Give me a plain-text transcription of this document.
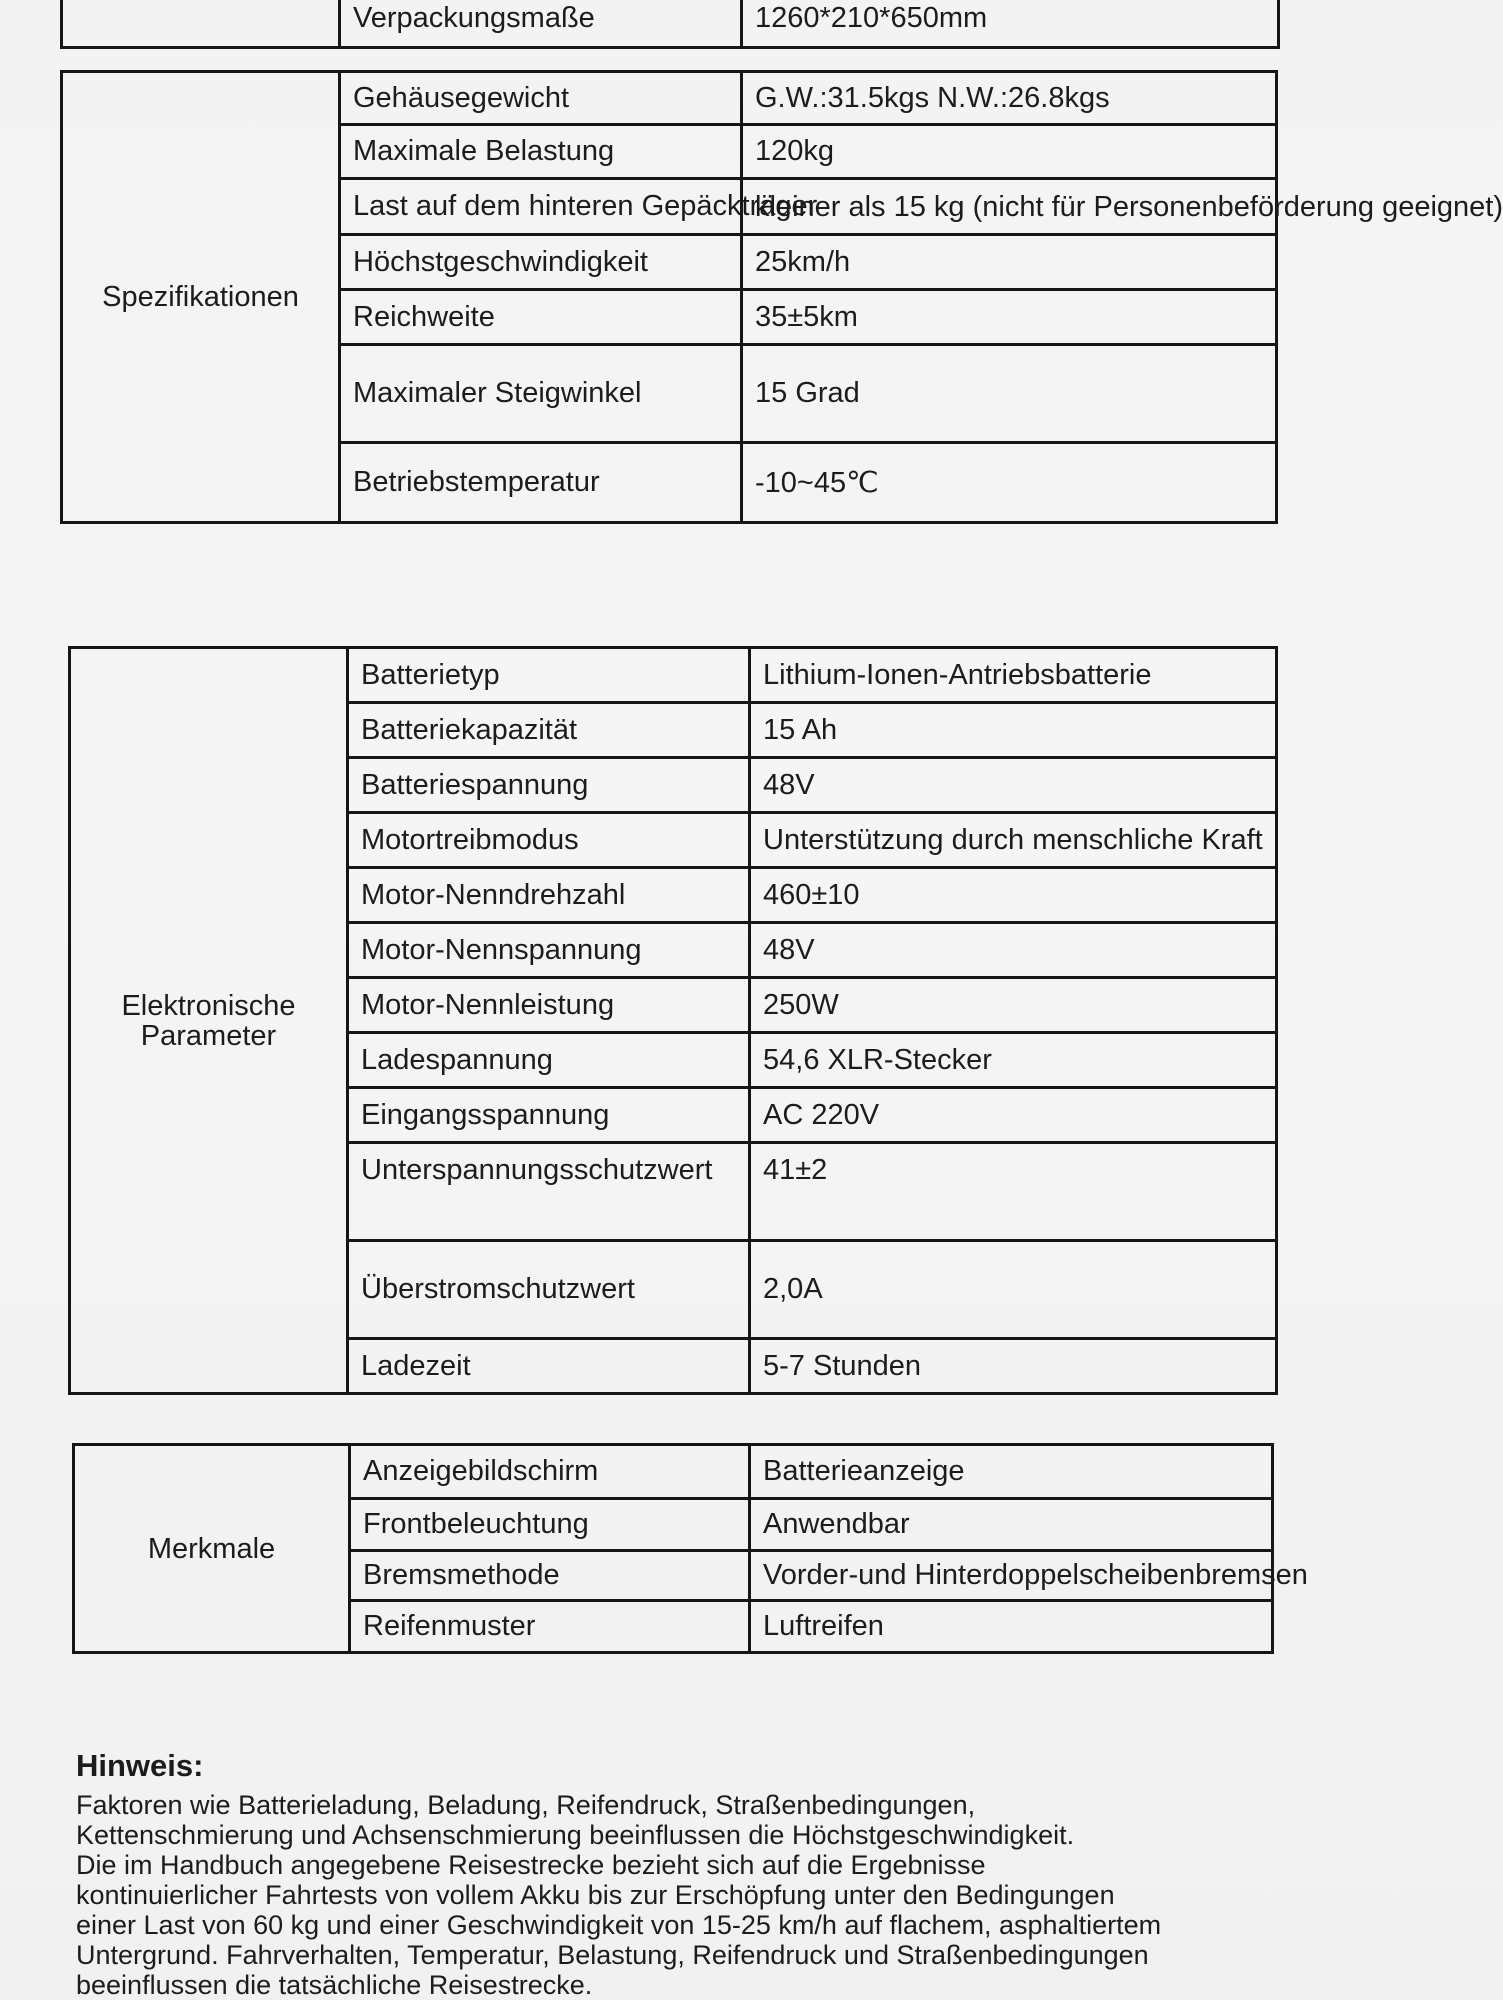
	Verpackungsmaße	1260*210*650mm
Spezifikationen	Gehäusegewicht	G.W.:31.5kgs N.W.:26.8kgs
	Maximale Belastung	120kg
	Last auf dem hinteren Gepäckträger	kleiner als 15 kg (nicht für Personenbeförderung geeignet)
	Höchstgeschwindigkeit	25km/h
	Reichweite	35±5km
	Maximaler Steigwinkel	15 Grad
	Betriebstemperatur	-10~45℃
Elektronische Parameter	Batterietyp	Lithium-Ionen-Antriebsbatterie
	Batteriekapazität	15 Ah
	Batteriespannung	48V
	Motortreibmodus	Unterstützung durch menschliche Kraft
	Motor-Nenndrehzahl	460±10
	Motor-Nennspannung	48V
	Motor-Nennleistung	250W
	Ladespannung	54,6 XLR-Stecker
	Eingangsspannung	AC 220V
	Unterspannungsschutzwert	41±2
	Überstromschutzwert	2,0A
	Ladezeit	5-7 Stunden
Merkmale	Anzeigebildschirm	Batterieanzeige
	Frontbeleuchtung	Anwendbar
	Bremsmethode	Vorder-und Hinterdoppelscheibenbremsen
	Reifenmuster	Luftreifen
Hinweis:
Faktoren wie Batterieladung, Beladung, Reifendruck, Straßenbedingungen,
Kettenschmierung und Achsenschmierung beeinflussen die Höchstgeschwindigkeit.
Die im Handbuch angegebene Reisestrecke bezieht sich auf die Ergebnisse
kontinuierlicher Fahrtests von vollem Akku bis zur Erschöpfung unter den Bedingungen
einer Last von 60 kg und einer Geschwindigkeit von 15-25 km/h auf flachem, asphaltiertem
Untergrund. Fahrverhalten, Temperatur, Belastung, Reifendruck und Straßenbedingungen
beeinflussen die tatsächliche Reisestrecke.
